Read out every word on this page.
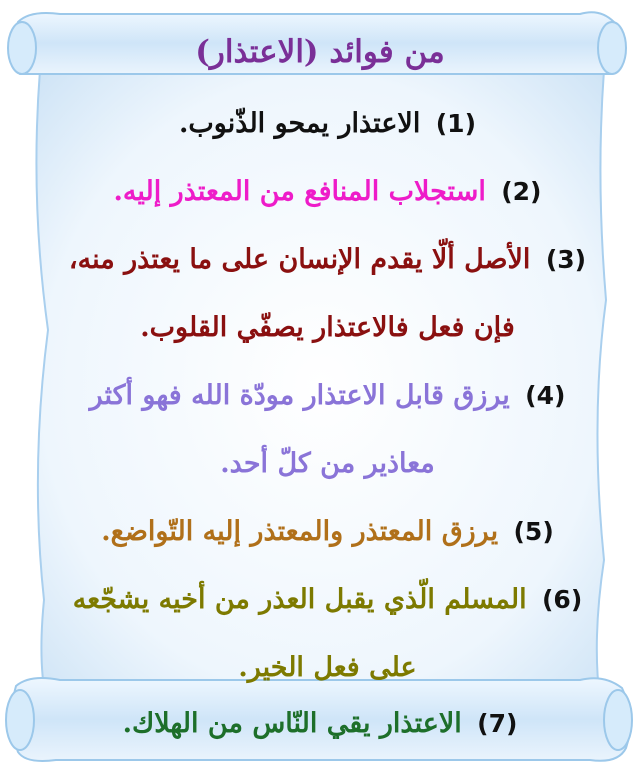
من فوائد (الاعتذار)

(1) الاعتذار يمحو الذّنوب.

(2) استجلاب المنافع من المعتذر إليه.

(3) الأصل ألّا يقدم الإنسان على ما يعتذر منه، فإن فعل فالاعتذار يصفّي القلوب.

(4) يرزق قابل الاعتذار مودّة الله فهو أكثر معاذير من كلّ أحد.

(5) يرزق المعتذر والمعتذر إليه التّواضع.

(6) المسلم الّذي يقبل العذر من أخيه يشجّعه على فعل الخير.

(7) الاعتذار يقي النّاس من الهلاك.
